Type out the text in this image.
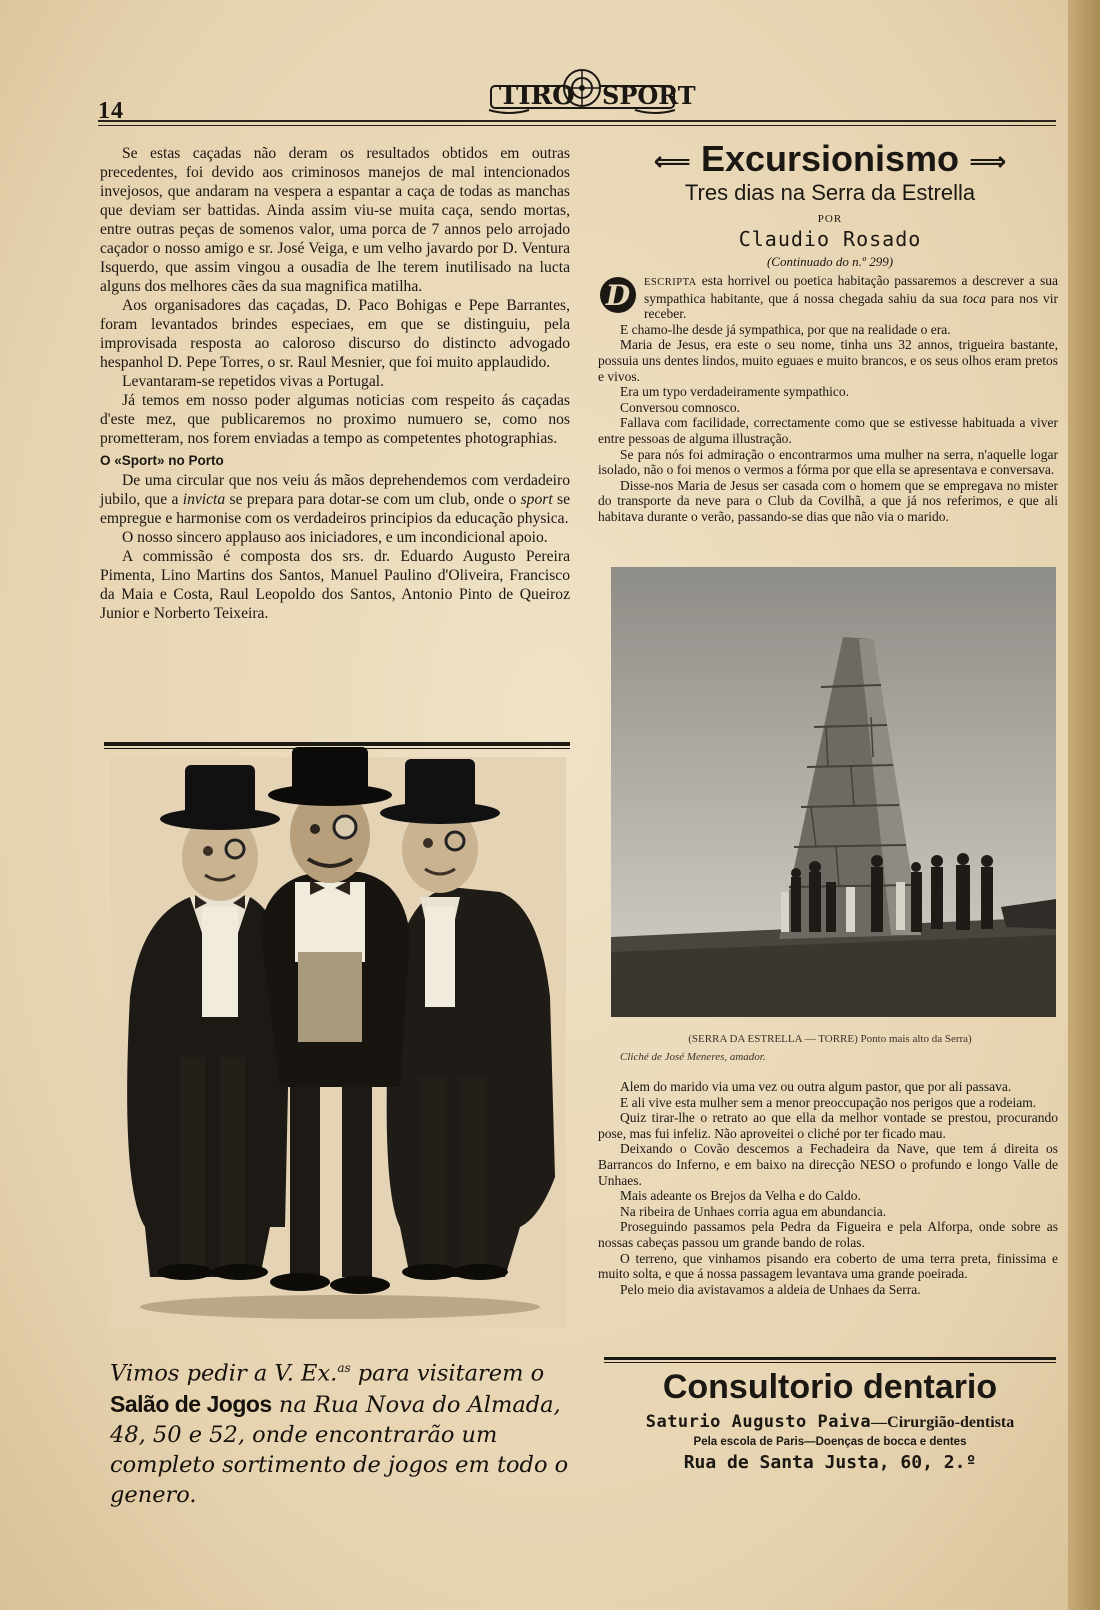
14	TIRO SPORT

Se estas caçadas não deram os resultados obtidos em outras precedentes, foi devido aos criminosos manejos de mal intencionados invejosos, que andaram na vespera a espantar a caça de todas as manchas que deviam ser battidas. Ainda assim viu-se muita caça, sendo mortas, entre outras peças de somenos valor, uma porca de 7 annos pelo arrojado caçador o nosso amigo e sr. José Veiga, e um velho javardo por D. Ventura Isquerdo, que assim vingou a ousadia de lhe terem inutilisado na lucta alguns dos melhores cães da sua magnifica matilha.

Aos organisadores das caçadas, D. Paco Bohigas e Pepe Barrantes, foram levantados brindes especiaes, em que se distinguiu, pela improvisada resposta ao caloroso discurso do distincto advogado hespanhol D. Pepe Torres, o sr. Raul Mesnier, que foi muito applaudido.

Levantaram-se repetidos vivas a Portugal.

Já temos em nosso poder algumas noticias com respeito ás caçadas d'este mez, que publicaremos no proximo numuero se, como nos prometteram, nos forem enviadas a tempo as competentes photographias.

O «Sport» no Porto

De uma circular que nos veiu ás mãos deprehendemos com verdadeiro jubilo, que a invicta se prepara para dotar-se com um club, onde o sport se empregue e harmonise com os verdadeiros principios da educação physica.

O nosso sincero applauso aos iniciadores, e um incondicional apoio.

A commissão é composta dos srs. dr. Eduardo Augusto Pereira Pimenta, Lino Martins dos Santos, Manuel Paulino d'Oliveira, Francisco da Maia e Costa, Raul Leopoldo dos Santos, Antonio Pinto de Queiroz Junior e Norberto Teixeira.

Vimos pedir a V. Ex.$^{as}$ para visitarem o
Salão de Jogos na Rua Nova do Almada, 48, 50 e 52, onde encontrarão um completo sortimento de jogos em todo o genero.
⟸ Excursionismo ⟹
Tres dias na Serra da Estrella
POR
Claudio Rosado
(Continuado do n.º 299)
D	ESCRIPTA esta horrivel ou poetica habitação passaremos a descrever a sua sympathica habitante, que á nossa chegada sahiu da sua toca para nos vir receber.

E chamo-lhe desde já sympathica, por que na realidade o era.

Maria de Jesus, era este o seu nome, tinha uns 32 annos, trigueira bastante, possuia uns dentes lindos, muito eguaes e muito brancos, e os seus olhos eram pretos e vivos.

Era um typo verdadeiramente sympathico.

Conversou comnosco.

Fallava com facilidade, correctamente como que se estivesse habituada a viver entre pessoas de alguma illustração.

Se para nós foi admiração o encontrarmos uma mulher na serra, n'aquelle logar isolado, não o foi menos o vermos a fórma por que ella se apresentava e conversava.

Disse-nos Maria de Jesus ser casada com o homem que se empregava no mister do transporte da neve para o Club da Covilhã, a que já nos referimos, e que ali habitava durante o verão, passando-se dias que não via o marido.

(SERRA DA ESTRELLA — TORRE) Ponto mais alto da Serra)
Cliché de José Meneres, amador.

Alem do marido via uma vez ou outra algum pastor, que por ali passava.

E ali vive esta mulher sem a menor preoccupação nos perigos que a rodeiam.

Quiz tirar-lhe o retrato ao que ella da melhor vontade se prestou, procurando pose, mas fui infeliz. Não aproveitei o cliché por ter ficado mau.

Deixando o Covão descemos a Fechadeira da Nave, que tem á direita os Barrancos do Inferno, e em baixo na direcção NESO o profundo e longo Valle de Unhaes.

Mais adeante os Brejos da Velha e do Caldo.

Na ribeira de Unhaes corria agua em abundancia.

Proseguindo passamos pela Pedra da Figueira e pela Alforpa, onde sobre as nossas cabeças passou um grande bando de rolas.

O terreno, que vinhamos pisando era coberto de uma terra preta, finissima e muito solta, e que á nossa passagem levantava uma grande poeirada.

Pelo meio dia avistavamos a aldeia de Unhaes da Serra.

Consultorio dentario
Saturio Augusto Paiva—Cirurgião-dentista
Pela escola de Paris—Doenças de bocca e dentes
Rua de Santa Justa, 60, 2.º
